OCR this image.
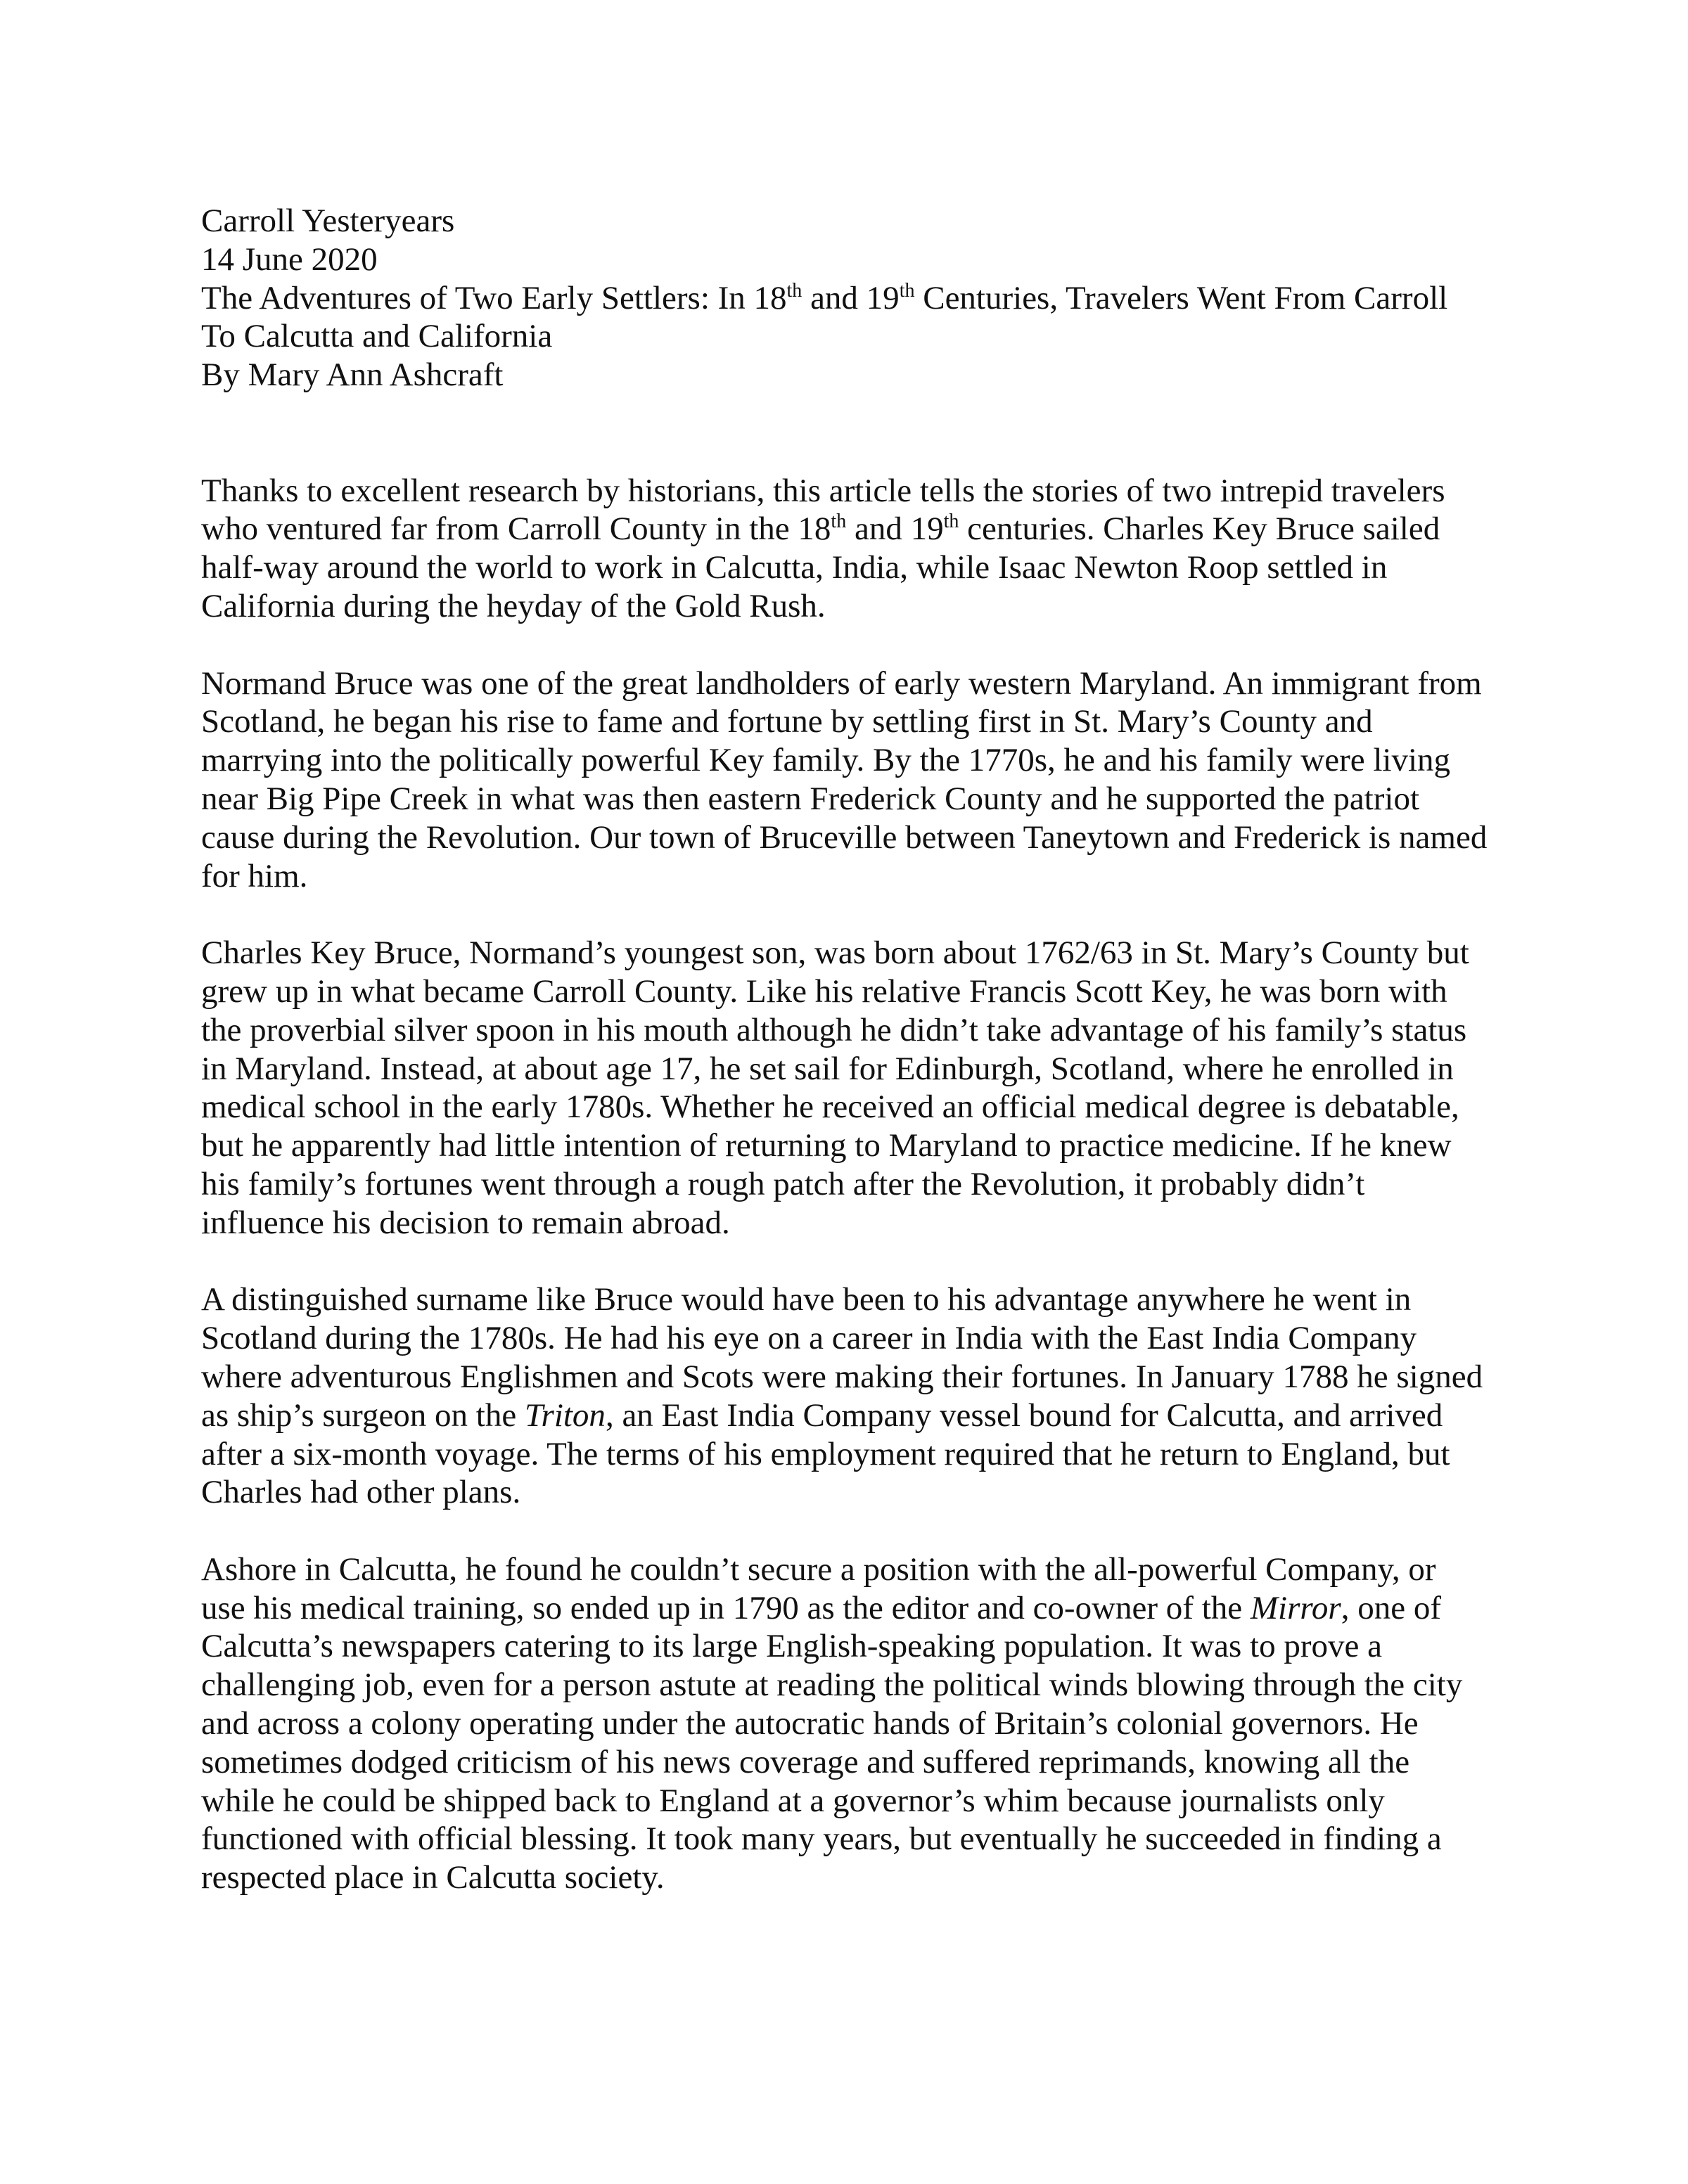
Carroll Yesteryears
14 June 2020
The Adventures of Two Early Settlers: In 18th and 19th Centuries, Travelers Went From Carroll
To Calcutta and California
By Mary Ann Ashcraft
Thanks to excellent research by historians, this article tells the stories of two intrepid travelers
who ventured far from Carroll County in the 18th and 19th centuries. Charles Key Bruce sailed
half-way around the world to work in Calcutta, India, while Isaac Newton Roop settled in
California during the heyday of the Gold Rush.
Normand Bruce was one of the great landholders of early western Maryland. An immigrant from
Scotland, he began his rise to fame and fortune by settling first in St. Mary’s County and
marrying into the politically powerful Key family. By the 1770s, he and his family were living
near Big Pipe Creek in what was then eastern Frederick County and he supported the patriot
cause during the Revolution. Our town of Bruceville between Taneytown and Frederick is named
for him.
Charles Key Bruce, Normand’s youngest son, was born about 1762/63 in St. Mary’s County but
grew up in what became Carroll County. Like his relative Francis Scott Key, he was born with
the proverbial silver spoon in his mouth although he didn’t take advantage of his family’s status
in Maryland. Instead, at about age 17, he set sail for Edinburgh, Scotland, where he enrolled in
medical school in the early 1780s. Whether he received an official medical degree is debatable,
but he apparently had little intention of returning to Maryland to practice medicine. If he knew
his family’s fortunes went through a rough patch after the Revolution, it probably didn’t
influence his decision to remain abroad.
A distinguished surname like Bruce would have been to his advantage anywhere he went in
Scotland during the 1780s. He had his eye on a career in India with the East India Company
where adventurous Englishmen and Scots were making their fortunes. In January 1788 he signed
as ship’s surgeon on the Triton, an East India Company vessel bound for Calcutta, and arrived
after a six-month voyage. The terms of his employment required that he return to England, but
Charles had other plans.
Ashore in Calcutta, he found he couldn’t secure a position with the all-powerful Company, or
use his medical training, so ended up in 1790 as the editor and co-owner of the Mirror, one of
Calcutta’s newspapers catering to its large English-speaking population. It was to prove a
challenging job, even for a person astute at reading the political winds blowing through the city
and across a colony operating under the autocratic hands of Britain’s colonial governors. He
sometimes dodged criticism of his news coverage and suffered reprimands, knowing all the
while he could be shipped back to England at a governor’s whim because journalists only
functioned with official blessing. It took many years, but eventually he succeeded in finding a
respected place in Calcutta society.
